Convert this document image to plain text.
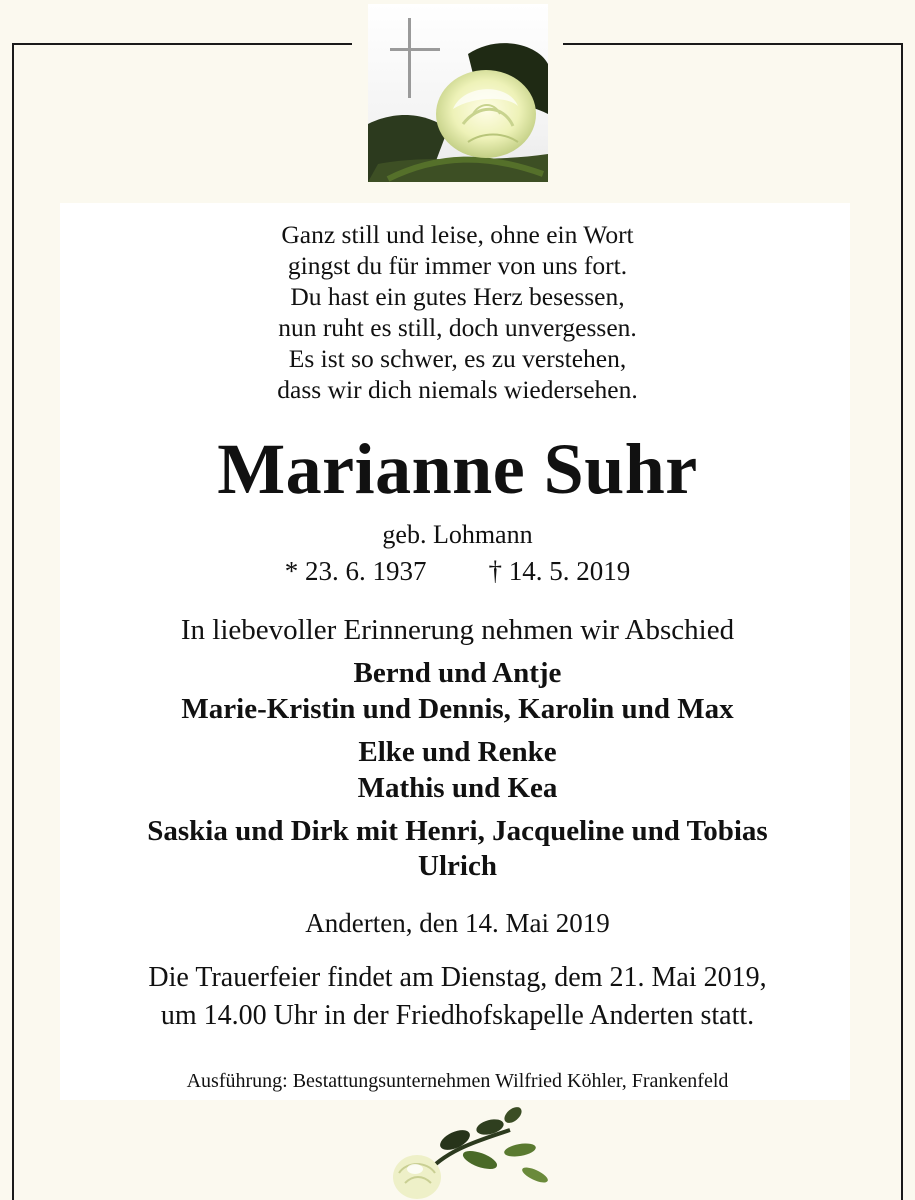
Ganz still und leise, ohne ein Wort
gingst du für immer von uns fort.
Du hast ein gutes Herz besessen,
nun ruht es still, doch unvergessen.
Es ist so schwer, es zu verstehen,
dass wir dich niemals wiedersehen.
Marianne Suhr
geb. Lohmann
* 23. 6. 1937 † 14. 5. 2019
In liebevoller Erinnerung nehmen wir Abschied
Bernd und Antje
Marie-Kristin und Dennis, Karolin und Max
Elke und Renke
Mathis und Kea
Saskia und Dirk mit Henri, Jacqueline und Tobias
Ulrich
Anderten, den 14. Mai 2019
Die Trauerfeier findet am Dienstag, dem 21. Mai 2019,
um 14.00 Uhr in der Friedhofskapelle Anderten statt.
Ausführung: Bestattungsunternehmen Wilfried Köhler, Frankenfeld
